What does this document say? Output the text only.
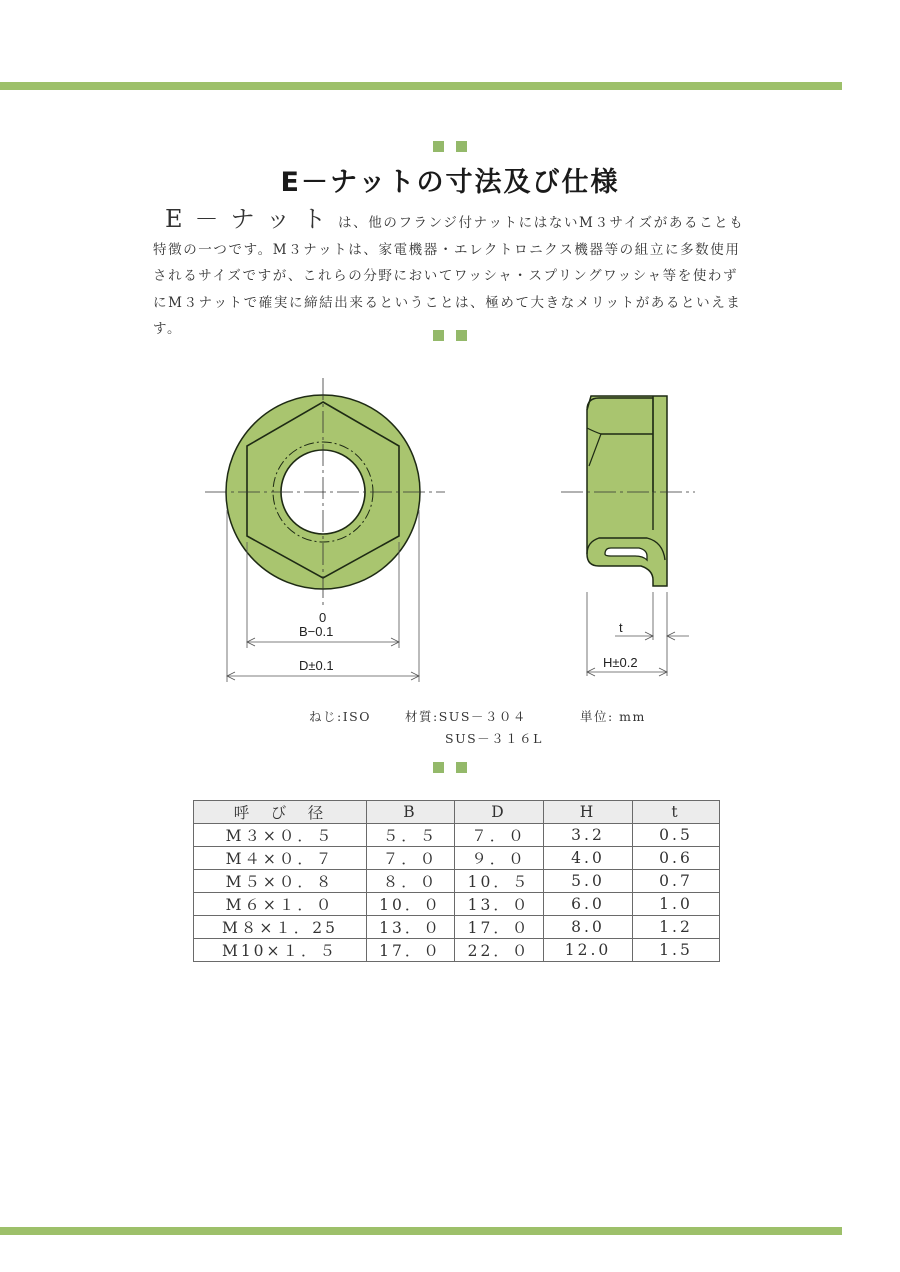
E－ナットの寸法及び仕様
E－ナットは、他のフランジ付ナットにはないM３サイズがあることも特徴の一つです。M３ナットは、家電機器・エレクトロニクス機器等の組立に多数使用されるサイズですが、これらの分野においてワッシャ・スプリングワッシャ等を使わずにM３ナットで確実に締結出来るということは、極めて大きなメリットがあるといえます。
0
B−0.1
D±0.1
t
H±0.2
ねじ:ISO	材質:SUS－３０４	単位: mm
SUS－３１６L
呼　び　径	B	D	H	t
M３×０．５	５．５	７．０	3.2	0.5
M４×０．７	７．０	９．０	4.0	0.6
M５×０．８	８．０	10．５	5.0	0.7
M６×１．０	10．０	13．０	6.0	1.0
M８×１．25	13．０	17．０	8.0	1.2
M10×１．５	17．０	22．０	12.0	1.5
